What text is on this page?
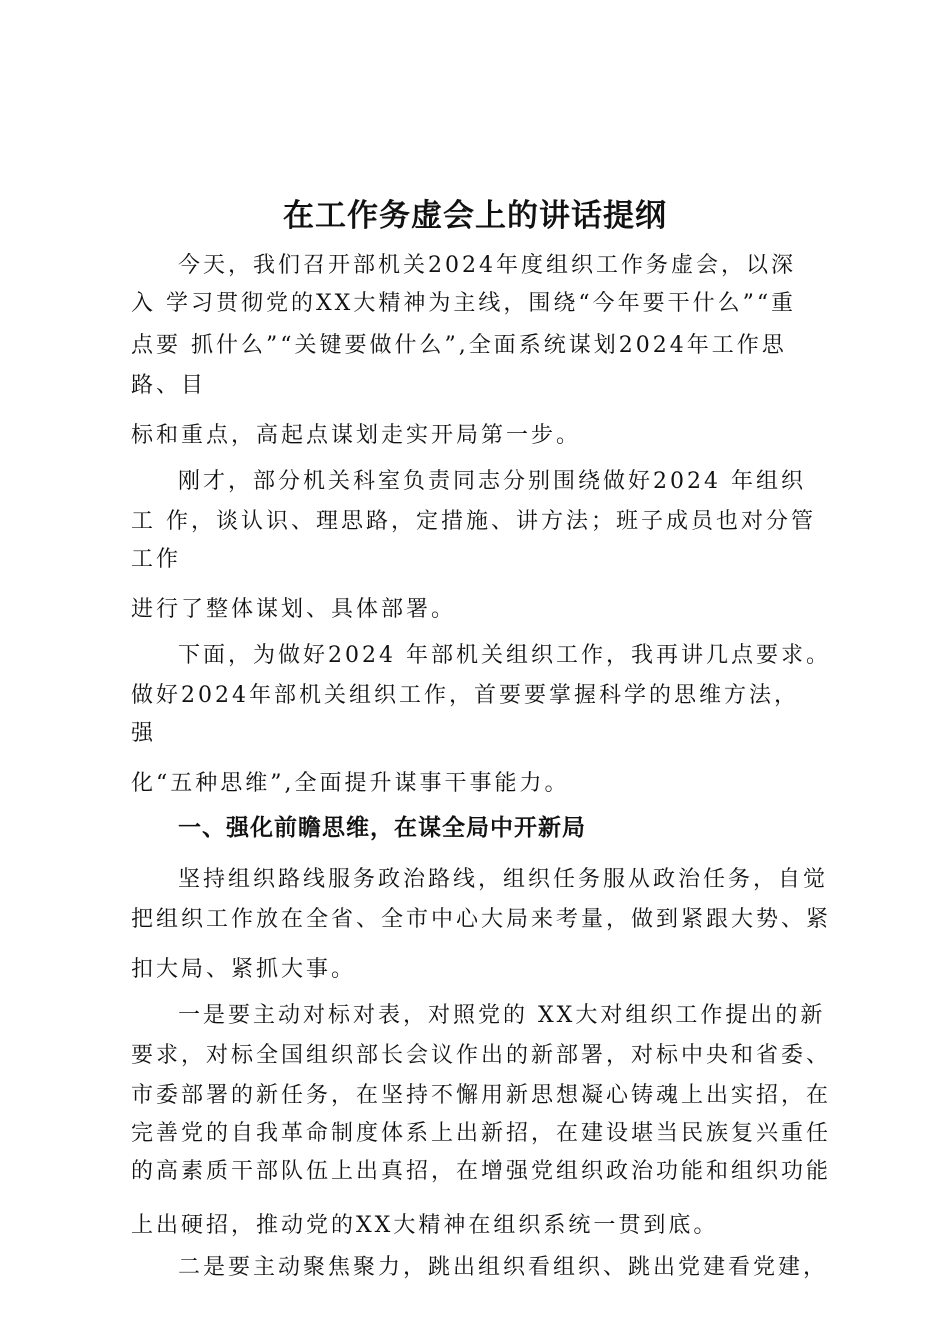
在工作务虚会上的讲话提纲

今天，我们召开部机关2024年度组织工作务虚会，以深

入 学习贯彻党的XX大精神为主线，围绕“今年要干什么”“重

点要 抓什么”“关键要做什么”,全面系统谋划2024年工作思

路、目

标和重点，高起点谋划走实开局第一步。

刚才，部分机关科室负责同志分别围绕做好2024 年组织

工 作，谈认识、理思路，定措施、讲方法；班子成员也对分管

工作

进行了整体谋划、具体部署。

下面，为做好2024 年部机关组织工作，我再讲几点要求。

做好2024年部机关组织工作，首要要掌握科学的思维方法，

强

化“五种思维”,全面提升谋事干事能力。

一、强化前瞻思维，在谋全局中开新局

坚持组织路线服务政治路线，组织任务服从政治任务，自觉

把组织工作放在全省、全市中心大局来考量，做到紧跟大势、紧

扣大局、紧抓大事。

一是要主动对标对表，对照党的 XX大对组织工作提出的新

要求，对标全国组织部长会议作出的新部署，对标中央和省委、

市委部署的新任务，在坚持不懈用新思想凝心铸魂上出实招，在

完善党的自我革命制度体系上出新招，在建设堪当民族复兴重任

的高素质干部队伍上出真招，在增强党组织政治功能和组织功能

上出硬招，推动党的XX大精神在组织系统一贯到底。

二是要主动聚焦聚力，跳出组织看组织、跳出党建看党建，
